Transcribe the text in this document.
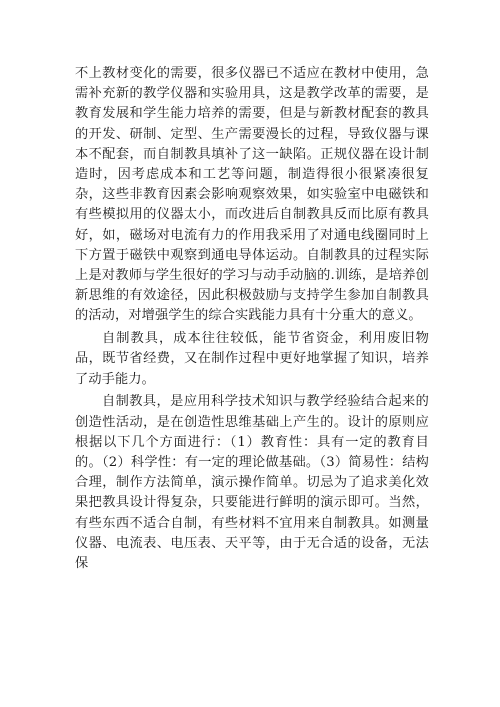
不上教材变化的需要，很多仪器已不适应在教材中使用，急需补充新的教学仪器和实验用具，这是教学改革的需要，是教育发展和学生能力培养的需要，但是与新教材配套的教具的开发、研制、定型、生产需要漫长的过程，导致仪器与课本不配套，而自制教具填补了这一缺陷。正规仪器在设计制造时，因考虑成本和工艺等问题，制造得很小很紧凑很复杂，这些非教育因素会影响观察效果，如实验室中电磁铁和有些模拟用的仪器太小，而改进后自制教具反而比原有教具好，如，磁场对电流有力的作用我采用了对通电线圈同时上下方置于磁铁中观察到通电导体运动。自制教具的过程实际上是对教师与学生很好的学习与动手动脑的.训练，是培养创新思维的有效途径，因此积极鼓励与支持学生参加自制教具的活动，对增强学生的综合实践能力具有十分重大的意义。

自制教具，成本往往较低，能节省资金，利用废旧物品，既节省经费，又在制作过程中更好地掌握了知识，培养了动手能力。

自制教具，是应用科学技术知识与教学经验结合起来的创造性活动，是在创造性思维基础上产生的。设计的原则应根据以下几个方面进行：（1）教育性：具有一定的教育目的。（2）科学性：有一定的理论做基础。（3）简易性：结构合理，制作方法简单，演示操作简单。切忌为了追求美化效果把教具设计得复杂，只要能进行鲜明的演示即可。当然，有些东西不适合自制，有些材料不宜用来自制教具。如测量仪器、电流表、电压表、天平等，由于无合适的设备，无法保
